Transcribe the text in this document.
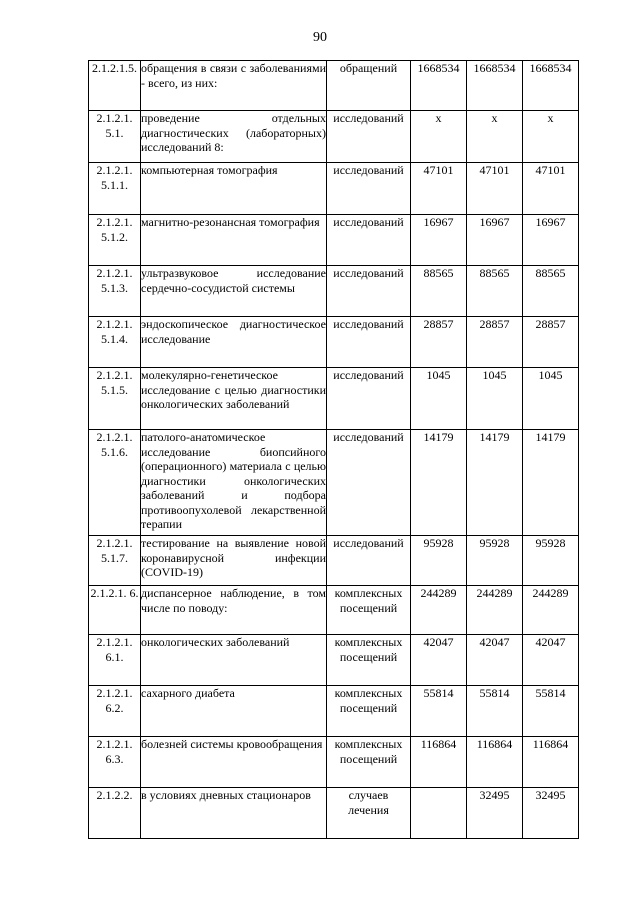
90
2.1.2.1.5.	обращения в связи с заболеваниями - всего, из них:	обращений	1668534	1668534	1668534
2.1.2.1. 5.1.	проведение отдельных диагностических (лабораторных) исследований 8:	исследований	х	х	х
2.1.2.1. 5.1.1.	компьютерная томография	исследований	47101	47101	47101
2.1.2.1. 5.1.2.	магнитно-резонансная томография	исследований	16967	16967	16967
2.1.2.1. 5.1.3.	ультразвуковое исследование сердечно-сосудистой системы	исследований	88565	88565	88565
2.1.2.1. 5.1.4.	эндоскопическое диагностическое исследование	исследований	28857	28857	28857
2.1.2.1. 5.1.5.	молекулярно-генетическое исследование с целью диагностики онкологических заболеваний	исследований	1045	1045	1045
2.1.2.1. 5.1.6.	патолого-анатомическое исследование биопсийного (операционного) материала с целью диагностики онкологических заболеваний и подбора противоопухолевой лекарственной терапии	исследований	14179	14179	14179
2.1.2.1. 5.1.7.	тестирование на выявление новой коронавирусной инфекции (COVID-19)	исследований	95928	95928	95928
2.1.2.1. 6.	диспансерное наблюдение, в том числе по поводу:	комплексных посещений	244289	244289	244289
2.1.2.1. 6.1.	онкологических заболеваний	комплексных посещений	42047	42047	42047
2.1.2.1. 6.2.	сахарного диабета	комплексных посещений	55814	55814	55814
2.1.2.1. 6.3.	болезней системы кровообращения	комплексных посещений	116864	116864	116864
2.1.2.2.	в условиях дневных стационаров	случаев лечения		32495	32495
